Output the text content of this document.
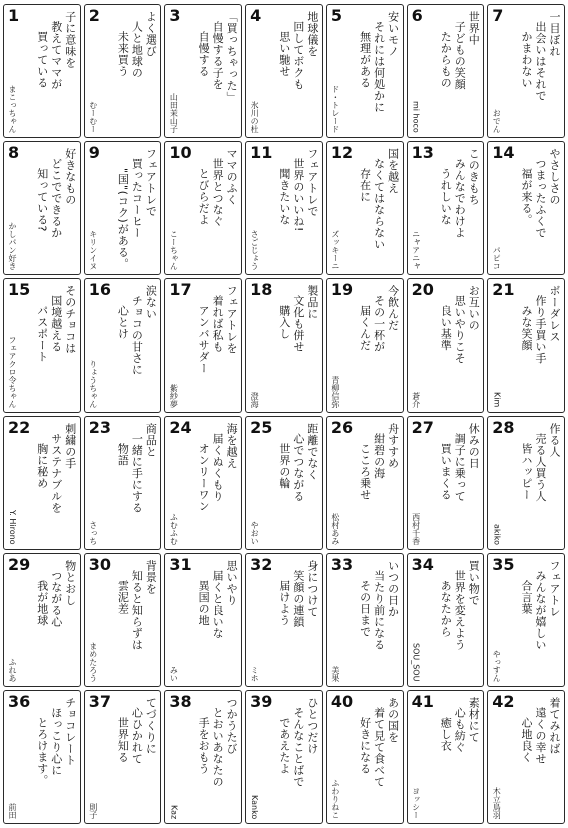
1	子に意味を
教えてママが
買っている
まこっちゃん
2	よく選び
人と地球の
未来買う
むーむー
3	「買っちゃった」
自慢する子を
自慢する
山田茉山子
4	地球儀を
回してボクも
思い馳せ
氷川の杜
5	安いモノ
それには何処かに
無理がある
ド・トレード
6	世界中
子どもの笑顔
たからもの
mi hoco
7	一目ぼれ
出会いはそれで
かまわない
おでん
8	好きなもの
どこでできるか
知っている?
かしパン好き
9	フェアトレで
買ったコーヒー
"国"(コク)がある。
キリンイヌ
10	ママのふく
世界とつなぐ
とびらだよ
こーちゃん
11	フェアトレで
世界のいいね!
聞きたいな
さごじょう
12	国を越え
なくてはならない
存在に
ズッキーニ
13	このきもち
みんなでわけよ
うれしいな
ニャアニャ
14	やさしさの
つまったふくで
福が来る。
パピコ
15	そのチョコは
国境越える
パスポート
フェアクロ令ちゃん
16	涙ない
チョコの甘さに
心とけ
りょうちゃん
17	フェアトレを
着れば私も
アンバサダー
紫紗夢
18	製品に
文化も併せ
購入し
澄海
19	今飲んだ
その一杯が
届くんだ
青柳信弥
20	お互いの
思いやりこそ
良い基準
蒼介
21	ボーダレス
作り手買い手
みな笑顔
Kim
22	刺繍の手
サステナブルを
胸に秘め
Y. Hirono
23	商品と
一緒に手にする
物語
さっち
24	海を越え
届くぬくもり
オンリーワン
ふむふむ
25	距離でなく
心でつながる
世界の輪
やおい
26	舟すすめ
紺碧の海
こころ乗せ
松村あみ
27	休みの日
調子に乗って
買いまくる
西村千香
28	作る人
売る人買う人
皆ハッピー
akiko
29	物とおし
つながる心
我が地球
ふれあ
30	背景を
知ると知らずは
雲泥差
まめたろう
31	思いやり
届くと良いな
異国の地
みい
32	身につけて
笑顔の連鎖
届けよう
ミホ
33	いつの日か
当たり前になる
その日まで
美果
34	買い物で
世界を変えよう
あなたから
SOU_SOU
35	フェアトレ
みんなが嬉しい
合言葉
やっすん
36	チョコレート
ほっこり心に
とろけます。
前田
37	てづくりに
心ひかれて
世界知る
則子
38	つかうたび
とおいあなたの
手をおもう
Kaz
39	ひとつだけ
そんなことばで
であえたよ
Kanko
40	あの国を
着て見て食べて
好きになる
ふわりねこ
41	素材にて
心も紡ぐ
癒し衣
ヨッシー
42	着てみれば
遠くの幸せ
心地良く
木立鳥羽
